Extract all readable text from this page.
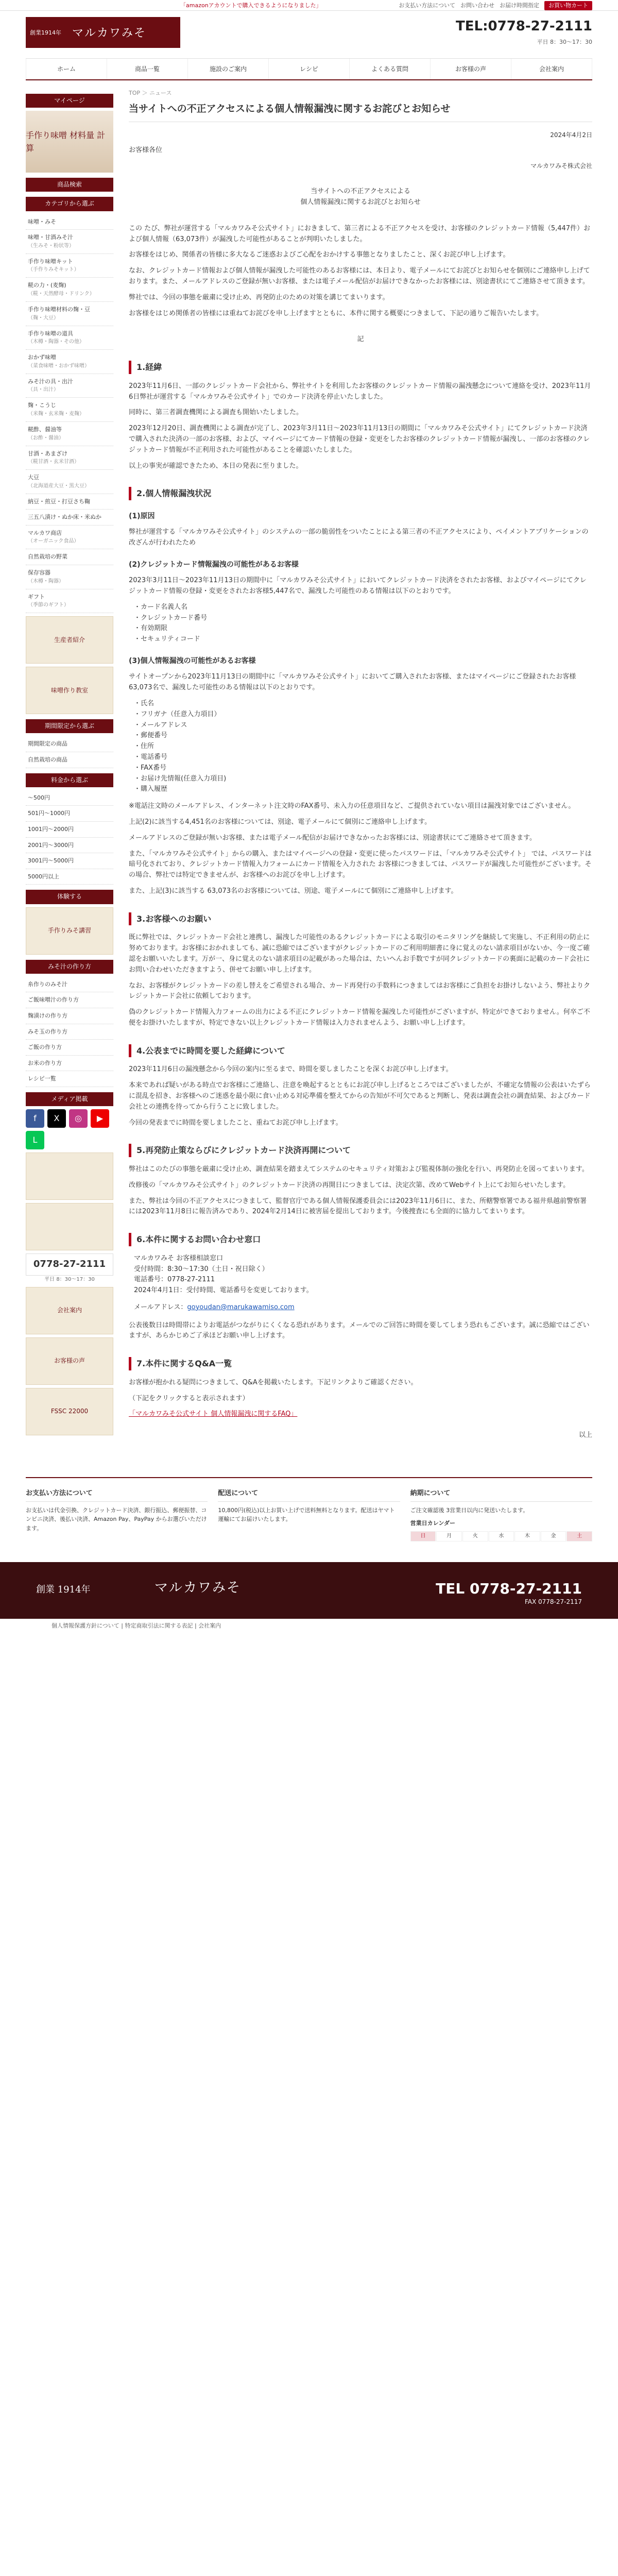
「amazonアカウントで購入できるようになりました」	お支払い方法について お問い合わせ お届け時間指定	お買い物カート
創業1914年 マルカワみそ	TEL:0778-27-2111
平日 8：30〜17：30
ホーム	商品一覧	施設のご案内	レシピ	よくある質問	お客様の声	会社案内
マイページ
手作り味噌 材料量 計算
商品検索
カテゴリから選ぶ
味噌・みそ
味噌・甘酒みそ汁
（生みそ・粉状等）
手作り味噌キット
（手作りみそキット）
糀の力・(麦麹)
（糀・天然酵母・ドリンク）
手作り味噌材料の麹・豆
（麹・大豆）
手作り味噌の道具
（木樽・陶器・その他）
おかず味噌
（菜食味噌・おかず味噌）
みそ汁の具・出汁
（具・出汁）
麹・こうじ
（米麹・玄米麹・麦麹）
糀酢、醤油等
（お酢・醤油）
甘酒・あまざけ
（糀甘酒・玄米甘酒）
大豆
（北海道産大豆・黒大豆）
納豆・煎豆・打豆さち鞠
三五八漬け・ぬか床・米ぬか
マルカワ商店
（オーガニック食品）
自然栽培の野菜
保存容器
（木樽・陶器）
ギフト
（季節のギフト）
生産者紹介
味噌作り教室
期間限定から選ぶ
期間限定の商品
自然栽培の商品
料金から選ぶ
〜500円
501円〜1000円
1001円〜2000円
2001円〜3000円
3001円〜5000円
5000円以上
体験する
手作りみそ講習
みそ汁の作り方
糸作りのみそ汁
ご飯味噌汁の作り方
麹漬けの作り方
みそ玉の作り方
ご飯の作り方
お米の作り方
レシピ一覧
メディア掲載
f	X	◎	▶
L
0778-27-2111
平日 8：30〜17：30
会社案内
お客様の声
FSSC 22000
TOP ＞ ニュース
当サイトへの不正アクセスによる個人情報漏洩に関するお詫びとお知らせ
2024年4月2日
お客様各位
マルカワみそ株式会社
当サイトへの不正アクセスによる
個人情報漏洩に関するお詫びとお知らせ

この たび、弊社が運営する「マルカワみそ公式サイト」におきまして、第三者による不正アクセスを受け、お客様のクレジットカード情報（5,447件）および個人情報（63,073件）が漏洩した可能性があることが判明いたしました。

お客様をはじめ、関係者の皆様に多大なるご迷惑およびご心配をおかけする事態となりましたこと、深くお詫び申し上げます。

なお、クレジットカード情報および個人情報が漏洩した可能性のあるお客様には、本日より、電子メールにてお詫びとお知らせを個別にご連絡申し上げております。また、メールアドレスのご登録が無いお客様、または電子メール配信がお届けできなかったお客様には、別途書状にてご連絡させて頂きます。

弊社では、今回の事態を厳粛に受け止め、再発防止のための対策を講じてまいります。

お客様をはじめ関係者の皆様には重ねてお詫びを申し上げますとともに、本件に関する概要につきまして、下記の通りご報告いたします。

記
1.経緯

2023年11月6日、一部のクレジットカード会社から、弊社サイトを利用したお客様のクレジットカード情報の漏洩懸念について連絡を受け、2023年11月6日弊社が運営する「マルカワみそ公式サイト」でのカード決済を停止いたしました。

同時に、第三者調査機関による調査も開始いたしました。

2023年12月20日、調査機関による調査が完了し、2023年3月11日〜2023年11月13日の期間に「マルカワみそ公式サイト」にてクレジットカード決済で購入された決済の一部のお客様、および、マイページにてカード情報の登録・変更をしたお客様のクレジットカード情報が漏洩し、一部のお客様のクレジットカード情報が不正利用された可能性があることを確認いたしました。

以上の事実が確認できたため、本日の発表に至りました。

2.個人情報漏洩状況
(1)原因

弊社が運営する「マルカワみそ公式サイト」のシステムの一部の脆弱性をついたことによる第三者の不正アクセスにより、ペイメントアプリケーションの改ざんが行われたため

(2)クレジットカード情報漏洩の可能性があるお客様

2023年3月11日〜2023年11月13日の期間中に「マルカワみそ公式サイト」においてクレジットカード決済をされたお客様、およびマイページにてクレジットカード情報の登録・変更をされたお客様5,447名で、漏洩した可能性のある情報は以下のとおりです。

・カード名義人名
・クレジットカード番号
・有効期限
・セキュリティコード
(3)個人情報漏洩の可能性があるお客様

サイトオープンから2023年11月13日の期間中に「マルカワみそ公式サイト」においてご購入されたお客様、またはマイページにご登録されたお客様63,073名で、漏洩した可能性のある情報は以下のとおりです。

・氏名
・フリガナ（任意入力項目）
・メールアドレス
・郵便番号
・住所
・電話番号
・FAX番号
・お届け先情報(任意入力項目)
・購入履歴

※電話注文時のメールアドレス、インターネット注文時のFAX番号、未入力の任意項目など、ご提供されていない項目は漏洩対象ではございません。

上記(2)に該当する4,451名のお客様については、別途、電子メールにて個別にご連絡申し上げます。

メールアドレスのご登録が無いお客様、または電子メール配信がお届けできなかったお客様には、別途書状にてご連絡させて頂きます。

また、「マルカワみそ公式サイト」からの購入、またはマイページへの登録・変更に使ったパスワードは、「マルカワみそ公式サイト」 では、パスワードは暗号化されており、クレジットカード情報入力フォームにカード情報を入力された お客様につきましては、パスワードが漏洩した可能性がございます。その場合、弊社では特定できませんが、お客様へのお詫びを申し上げます。

また、上記(3)に該当する 63,073名のお客様については、別途、電子メールにて個別にご連絡申し上げます。

3.お客様へのお願い

既に弊社では、クレジットカード会社と連携し、漏洩した可能性のあるクレジットカードによる取引のモニタリングを継続して実施し、不正利用の防止に努めております。お客様におかれましても、誠に恐縮ではございますがクレジットカードのご利用明細書に身に覚えのない請求項目がないか、今一度ご確認をお願いいたします。万が一、身に覚えのない請求項目の記載があった場合は、たいへんお手数ですが同クレジットカードの裏面に記載のカード会社にお問い合わせいただきますよう、併せてお願い申し上げます。

なお、お客様がクレジットカードの差し替えをご希望される場合、カード再発行の手数料につきましてはお客様にご負担をお掛けしないよう、弊社よりクレジットカード会社に依頼しております。

偽のクレジットカード情報入力フォームの出力による不正にクレジットカード情報を漏洩した可能性がございますが、特定ができておりません。何卒ご不便をお掛けいたしますが、特定できない以上クレジットカード情報は入力されませんよう、お願い申し上げます。

4.公表までに時間を要した経緯について

2023年11月6日の漏洩懸念から今回の案内に至るまで、時間を要しましたことを深くお詫び申し上げます。

本来であれば疑いがある時点でお客様にご連絡し、注意を喚起するとともにお詫び申し上げるところではございましたが、不確定な情報の公表はいたずらに混乱を招き、お客様へのご迷惑を最小限に食い止める対応準備を整えてからの告知が不可欠であると判断し、発表は調査会社の調査結果、およびカード会社との連携を待ってから行うことに致しました。

今回の発表までに時間を要しましたこと、重ねてお詫び申し上げます。

5.再発防止策ならびにクレジットカード決済再開について

弊社はこのたびの事態を厳粛に受け止め、調査結果を踏まえてシステムのセキュリティ対策および監視体制の強化を行い、再発防止を図ってまいります。

改修後の「マルカワみそ公式サイト」のクレジットカード決済の再開日につきましては、決定次第、改めてWebサイト上にてお知らせいたします。

また、弊社は今回の不正アクセスにつきまして、監督官庁である個人情報保護委員会には2023年11月6日に、また、所轄警察署である福井県越前警察署には2023年11月8日に報告済みであり、2024年2月14日に被害届を提出しております。今後捜査にも全面的に協力してまいります。

6.本件に関するお問い合わせ窓口
マルカワみそ お客様相談窓口
受付時間：8:30〜17:30（土日・祝日除く）
電話番号：0778-27-2111
2024年4月1日：受付時間、電話番号を変更しております。
メールアドレス：goyoudan@marukawamiso.com

公表後数日は時間帯によりお電話がつながりにくくなる恐れがあります。メールでのご回答に時間を要してしまう恐れもございます。誠に恐縮ではございますが、あらかじめご了承ほどお願い申し上げます。

7.本件に関するQ&A一覧

お客様が抱かれる疑問につきまして、Q&Aを掲載いたします。下記リンクよりご確認ください。

（下記をクリックすると表示されます）

「マルカワみそ公式サイト 個人情報漏洩に関するFAQ」
以上
お支払い方法について
お支払いは代金引換、クレジットカード決済、銀行振込、郵便振替、コンビニ決済、後払い決済、Amazon Pay、PayPay からお選びいただけます。
配送について
10,800円(税込)以上お買い上げで送料無料となります。配送はヤマト運輸にてお届けいたします。
納期について
ご注文確認後 3営業日以内に発送いたします。
営業日カレンダー
日	月	火	水	木	金	土
創業 1914年	マルカワみそ	TEL 0778-27-2111
FAX 0778-27-2117
個人情報保護方針について | 特定商取引法に関する表記 | 会社案内
